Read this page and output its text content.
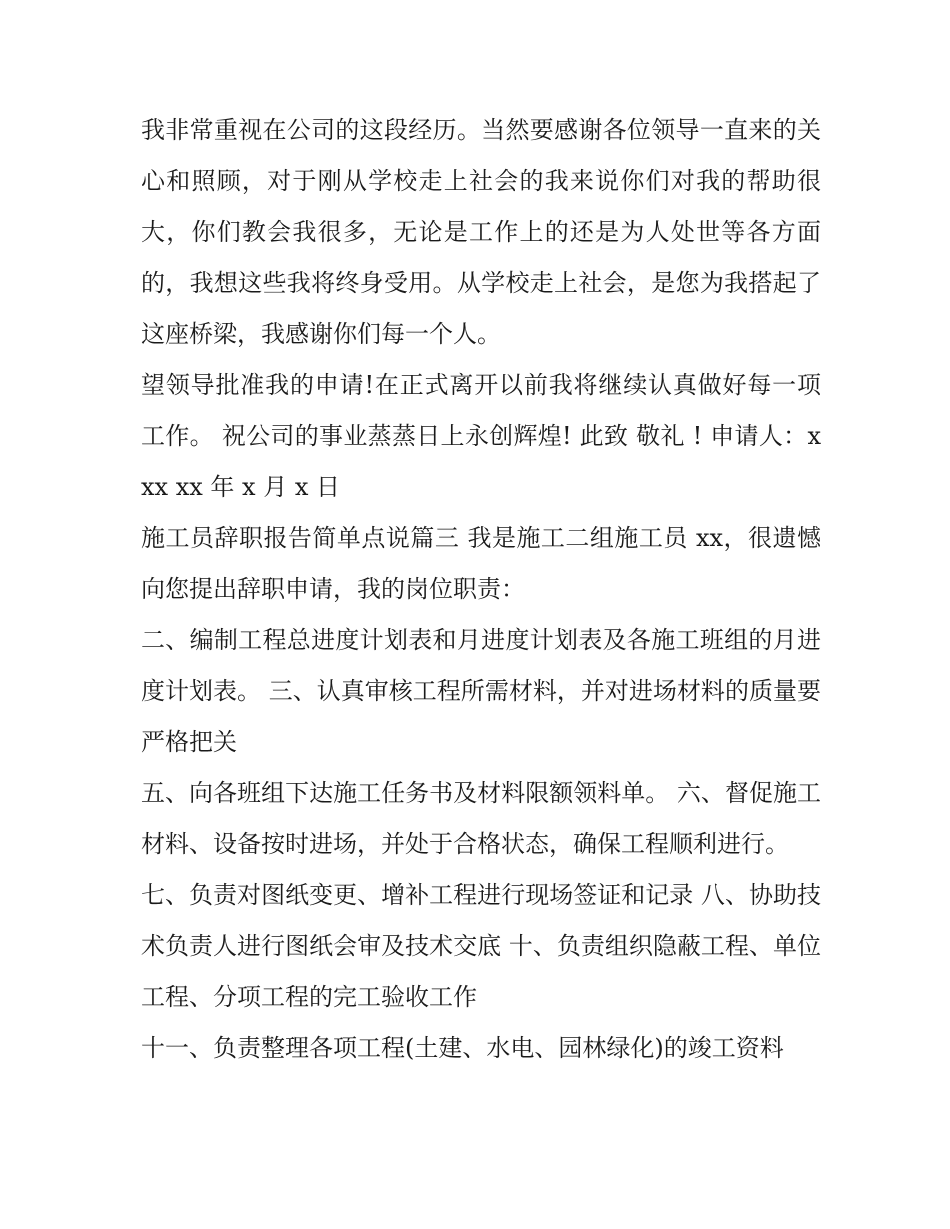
我非常重视在公司的这段经历。当然要感谢各位领导一直来的关心和照顾，对于刚从学校走上社会的我来说你们对我的帮助很大，你们教会我很多，无论是工作上的还是为人处世等各方面的，我想这些我将终身受用。从学校走上社会，是您为我搭起了这座桥梁，我感谢你们每一个人。

望领导批准我的申请!在正式离开以前我将继续认真做好每一项工作。 祝公司的事业蒸蒸日上永创辉煌! 此致 敬礼 ! 申请人：xxx xx 年 x 月 x 日

施工员辞职报告简单点说篇三 我是施工二组施工员 xx，很遗憾向您提出辞职申请，我的岗位职责：

二、编制工程总进度计划表和月进度计划表及各施工班组的月进度计划表。 三、认真审核工程所需材料，并对进场材料的质量要严格把关

五、向各班组下达施工任务书及材料限额领料单。 六、督促施工材料、设备按时进场，并处于合格状态，确保工程顺利进行。

七、负责对图纸变更、增补工程进行现场签证和记录 八、协助技术负责人进行图纸会审及技术交底 十、负责组织隐蔽工程、单位工程、分项工程的完工验收工作

十一、负责整理各项工程(土建、水电、园林绿化)的竣工资料
